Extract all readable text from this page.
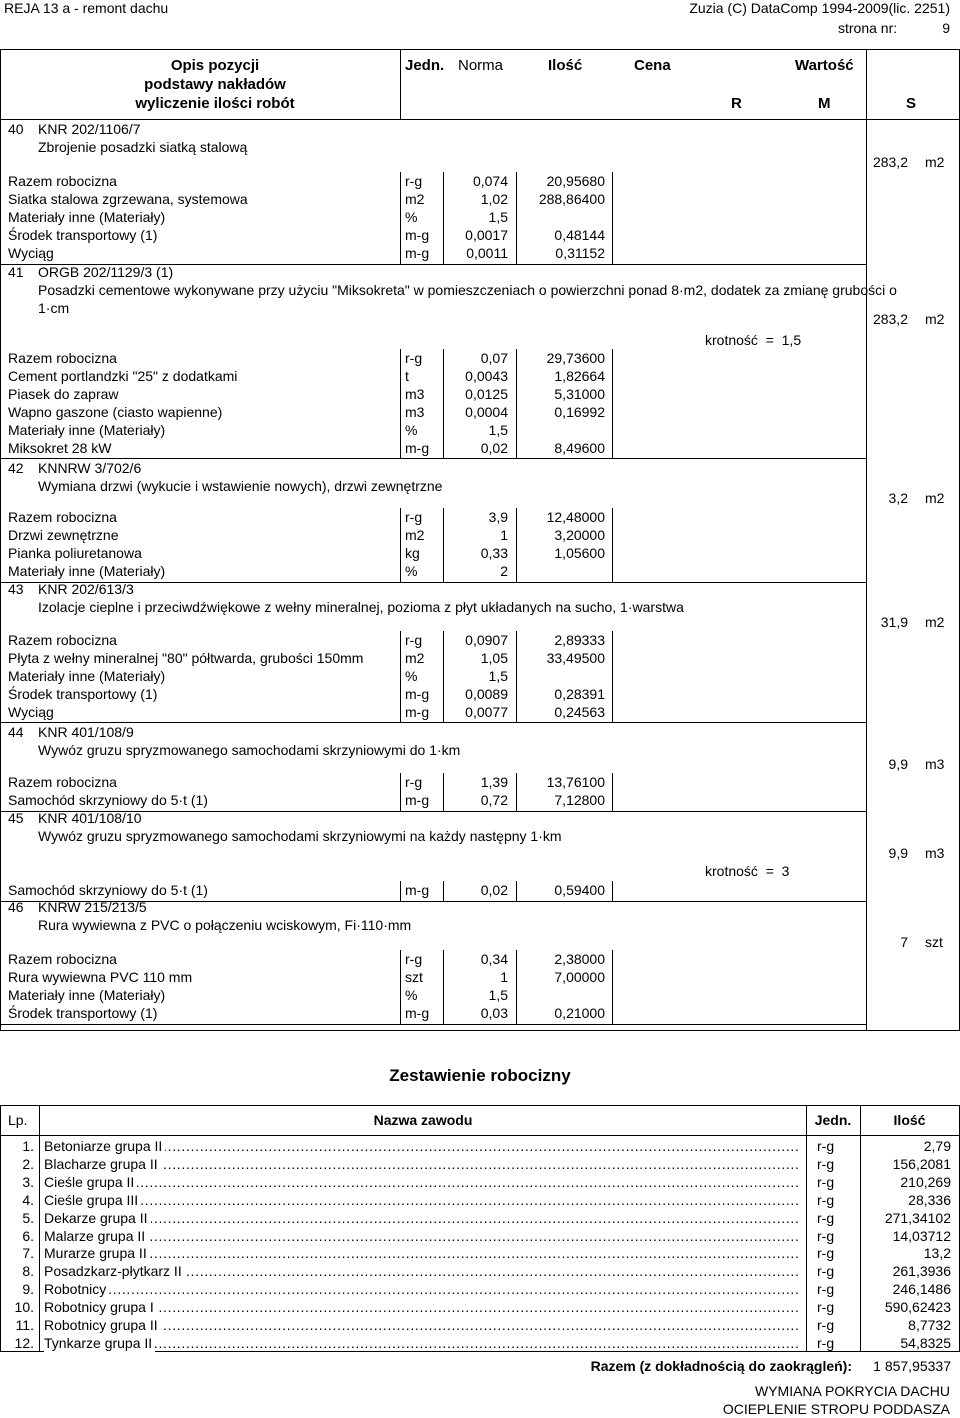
REJA 13 a - remont dachu	Zuzia (C) DataComp 1994-2009(lic. 2251)
strona nr:	9
Opis pozycji
podstawy nakładów
wyliczenie ilości robót
Jedn. Norma	Ilość	Cena	Wartość
R	M	S
40 KNR 202/1106/7
Zbrojenie posadzki siatką stalową
283,2 m2
Razem robocizna	r-g	0,074	20,95680
Siatka stalowa zgrzewana, systemowa	m2	1,02 288,86400
Materiały inne (Materiały)	%	1,5
Środek transportowy (1)	m-g	0,0017	0,48144
Wyciąg	m-g	0,0011	0,31152
41 ORGB 202/1129/3 (1)
Posadzki cementowe wykonywane przy użyciu "Miksokreta" w pomieszczeniach o powierzchni ponad 8·m2, dodatek za zmianę grubości o
1·cm
283,2 m2
krotność  =  1,5
Razem robocizna	r-g	0,07	29,73600
Cement portlandzki "25" z dodatkami	t	0,0043	1,82664
Piasek do zapraw	m3	0,0125	5,31000
Wapno gaszone (ciasto wapienne)	m3	0,0004	0,16992
Materiały inne (Materiały)	%	1,5
Miksokret 28 kW	m-g	0,02	8,49600
42 KNNRW 3/702/6
Wymiana drzwi (wykucie i wstawienie nowych), drzwi zewnętrzne
3,2 m2
Razem robocizna	r-g	3,9	12,48000
Drzwi zewnętrzne	m2	1	3,20000
Pianka poliuretanowa	kg	0,33	1,05600
Materiały inne (Materiały)	%	2
43 KNR 202/613/3
Izolacje cieplne i przeciwdźwiękowe z wełny mineralnej, pozioma z płyt układanych na sucho, 1·warstwa
31,9 m2
Razem robocizna	r-g	0,0907	2,89333
Płyta z wełny mineralnej "80" półtwarda, grubości 150mm	m2	1,05	33,49500
Materiały inne (Materiały)	%	1,5
Środek transportowy (1)	m-g	0,0089	0,28391
Wyciąg	m-g	0,0077	0,24563
44 KNR 401/108/9
Wywóz gruzu spryzmowanego samochodami skrzyniowymi do 1·km
9,9 m3
Razem robocizna	r-g	1,39	13,76100
Samochód skrzyniowy do 5·t (1)	m-g	0,72	7,12800
45 KNR 401/108/10
Wywóz gruzu spryzmowanego samochodami skrzyniowymi na każdy następny 1·km
9,9 m3
krotność  =  3
Samochód skrzyniowy do 5·t (1)	m-g	0,02	0,59400
46 KNRW 215/213/5
Rura wywiewna z PVC o połączeniu wciskowym, Fi·110·mm
7 szt
Razem robocizna	r-g	0,34	2,38000
Rura wywiewna PVC 110 mm	szt	1	7,00000
Materiały inne (Materiały)	%	1,5
Środek transportowy (1)	m-g	0,03	0,21000
Zestawienie robocizny
Lp.	Nazwa zawodu	Jedn.	Ilość
1. Betoniarze grupa II . . .	r-g	2,79
2. Blacharze grupa II . . .	r-g	156,2081
3. Cieśle grupa II . . .	r-g	210,269
4. Cieśle grupa III . . .	r-g	28,336
5. Dekarze grupa II . . .	r-g	271,34102
6. Malarze grupa II . . .	r-g	14,03712
7. Murarze grupa II . . .	r-g	13,2
8. Posadzkarz-płytkarz II . . .	r-g	261,3936
9. Robotnicy . . .	r-g	246,1486
10. Robotnicy grupa I . . .	r-g	590,62423
11. Robotnicy grupa II . . .	r-g	8,7732
12. Tynkarze grupa II . . .	r-g	54,8325
Razem (z dokładnością do zaokrągleń): 1 857,95337
WYMIANA POKRYCIA DACHU
OCIEPLENIE STROPU PODDASZA
